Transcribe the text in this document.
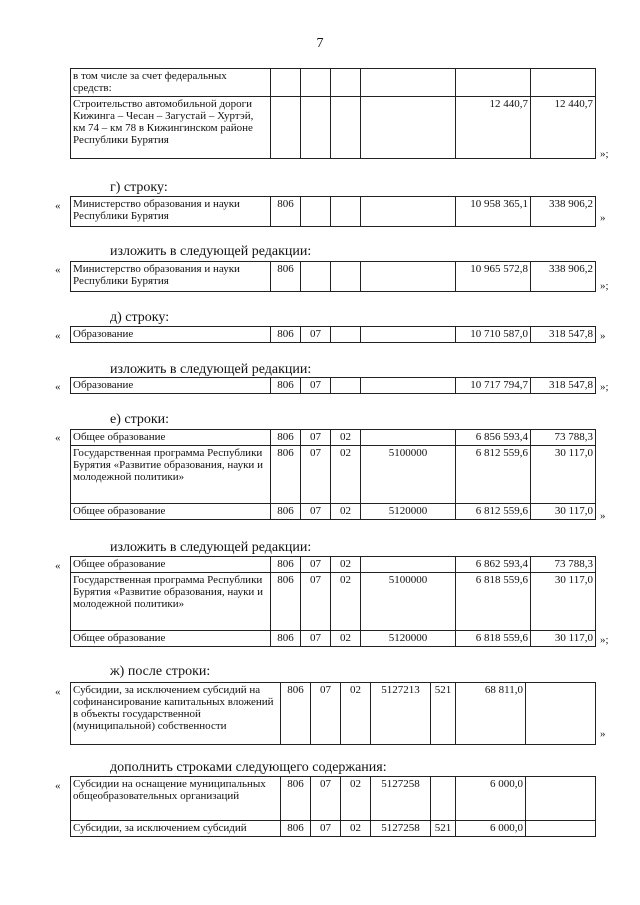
7
в том числе за счет федеральных средств:						
Строительство автомобильной дороги Кижинга – Чесан – Загустай – Хуртэй, км 74 – км 78 в Кижингинском районе Республики Бурятия					12 440,7	12 440,7
»;
г) строку:
« Министерство образования и науки Республики Бурятия	806				10 958 365,1	338 906,2
»
изложить в следующей редакции:
« Министерство образования и науки Республики Бурятия	806				10 965 572,8	338 906,2
»;
д) строку:
« Образование	806	07			10 710 587,0	318 547,8 »
изложить в следующей редакции:
« Образование	806	07			10 717 794,7	318 547,8 »;
е) строки:
« Общее образование	806	07	02		6 856 593,4	73 788,3
Государственная программа Республики Бурятия «Развитие образования, науки и молодежной политики»	806	07	02	5100000	6 812 559,6	30 117,0
Общее образование	806	07	02	5120000	6 812 559,6	30 117,0 »
изложить в следующей редакции:
« Общее образование	806	07	02		6 862 593,4	73 788,3
Государственная программа Республики Бурятия «Развитие образования, науки и молодежной политики»	806	07	02	5100000	6 818 559,6	30 117,0
Общее образование	806	07	02	5120000	6 818 559,6	30 117,0 »;
ж) после строки:
« Субсидии, за исключением субсидий на софинансирование капитальных вложений в объекты государственной (муниципальной) собственности	806	07	02	5127213	521	68 811,0	
»
дополнить строками следующего содержания:
« Субсидии на оснащение муниципальных общеобразовательных организаций	806	07	02	5127258		6 000,0	
Субсидии, за исключением субсидий	806	07	02	5127258	521	6 000,0	
